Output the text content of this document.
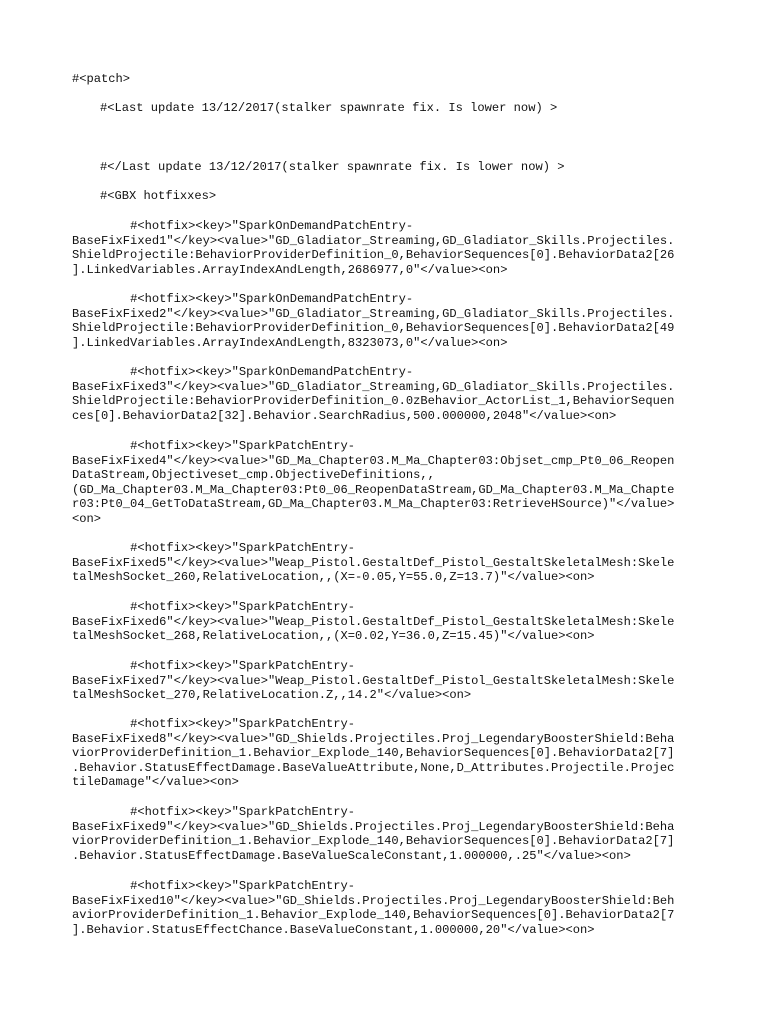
#<patch>

#<Last update 13/12/2017(stalker spawnrate fix. Is lower now) >

#</Last update 13/12/2017(stalker spawnrate fix. Is lower now) >

#<GBX hotfixxes>

#<hotfix><key>"SparkOnDemandPatchEntry-
BaseFixFixed1"</key><value>"GD_Gladiator_Streaming,GD_Gladiator_Skills.Projectiles.
ShieldProjectile:BehaviorProviderDefinition_0,BehaviorSequences[0].BehaviorData2[26
].LinkedVariables.ArrayIndexAndLength,2686977,0"</value><on>
#<hotfix><key>"SparkOnDemandPatchEntry-
BaseFixFixed2"</key><value>"GD_Gladiator_Streaming,GD_Gladiator_Skills.Projectiles.
ShieldProjectile:BehaviorProviderDefinition_0,BehaviorSequences[0].BehaviorData2[49
].LinkedVariables.ArrayIndexAndLength,8323073,0"</value><on>
#<hotfix><key>"SparkOnDemandPatchEntry-
BaseFixFixed3"</key><value>"GD_Gladiator_Streaming,GD_Gladiator_Skills.Projectiles.
ShieldProjectile:BehaviorProviderDefinition_0.0zBehavior_ActorList_1,BehaviorSequen
ces[0].BehaviorData2[32].Behavior.SearchRadius,500.000000,2048"</value><on>
#<hotfix><key>"SparkPatchEntry-
BaseFixFixed4"</key><value>"GD_Ma_Chapter03.M_Ma_Chapter03:Objset_cmp_Pt0_06_Reopen
DataStream,Objectiveset_cmp.ObjectiveDefinitions,,
(GD_Ma_Chapter03.M_Ma_Chapter03:Pt0_06_ReopenDataStream,GD_Ma_Chapter03.M_Ma_Chapte
r03:Pt0_04_GetToDataStream,GD_Ma_Chapter03.M_Ma_Chapter03:RetrieveHSource)"</value>
<on>
#<hotfix><key>"SparkPatchEntry-
BaseFixFixed5"</key><value>"Weap_Pistol.GestaltDef_Pistol_GestaltSkeletalMesh:Skele
talMeshSocket_260,RelativeLocation,,(X=-0.05,Y=55.0,Z=13.7)"</value><on>
#<hotfix><key>"SparkPatchEntry-
BaseFixFixed6"</key><value>"Weap_Pistol.GestaltDef_Pistol_GestaltSkeletalMesh:Skele
talMeshSocket_268,RelativeLocation,,(X=0.02,Y=36.0,Z=15.45)"</value><on>
#<hotfix><key>"SparkPatchEntry-
BaseFixFixed7"</key><value>"Weap_Pistol.GestaltDef_Pistol_GestaltSkeletalMesh:Skele
talMeshSocket_270,RelativeLocation.Z,,14.2"</value><on>
#<hotfix><key>"SparkPatchEntry-
BaseFixFixed8"</key><value>"GD_Shields.Projectiles.Proj_LegendaryBoosterShield:Beha
viorProviderDefinition_1.Behavior_Explode_140,BehaviorSequences[0].BehaviorData2[7]
.Behavior.StatusEffectDamage.BaseValueAttribute,None,D_Attributes.Projectile.Projec
tileDamage"</value><on>
#<hotfix><key>"SparkPatchEntry-
BaseFixFixed9"</key><value>"GD_Shields.Projectiles.Proj_LegendaryBoosterShield:Beha
viorProviderDefinition_1.Behavior_Explode_140,BehaviorSequences[0].BehaviorData2[7]
.Behavior.StatusEffectDamage.BaseValueScaleConstant,1.000000,.25"</value><on>
#<hotfix><key>"SparkPatchEntry-
BaseFixFixed10"</key><value>"GD_Shields.Projectiles.Proj_LegendaryBoosterShield:Beh
aviorProviderDefinition_1.Behavior_Explode_140,BehaviorSequences[0].BehaviorData2[7
].Behavior.StatusEffectChance.BaseValueConstant,1.000000,20"</value><on>
